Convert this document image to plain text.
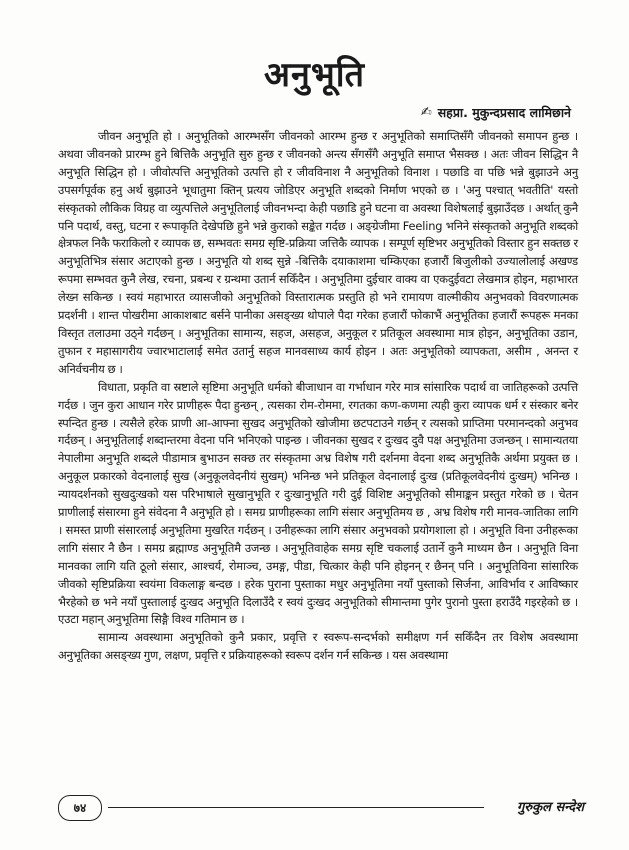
अनुभूति
✍ सहप्रा. मुकुन्दप्रसाद लामिछाने

जीवन अनुभूति हो । अनुभूतिको आरम्भसँग जीवनको आरम्भ हुन्छ र अनुभूतिको समाप्तिसँगै जीवनको समापन हुन्छ । अथवा जीवनको प्रारम्भ हुने बित्तिकै अनुभूति सुरु हुन्छ र जीवनको अन्त्य सँगसँगै अनुभूति समाप्त भैसक्छ । अतः जीवन सिद्धिन नै अनुभूति सिद्धिन हो । जीवोत्पत्ति अनुभूतिको उत्पत्ति हो र जीवविनाश नै अनुभूतिको विनाश । पछाडि वा पछि भन्ने बुझाउने अनु उपसर्गपूर्वक हनु अर्थ बुझाउने भूधातुमा क्तिन् प्रत्यय जोडिएर अनुभूति शब्दको निर्माण भएको छ । 'अनु पश्चात् भवतीति' यस्तो संस्कृतको लौकिक विग्रह वा व्युत्पत्तिले अनुभूतिलाई जीवनभन्दा केही पछाडि हुने घटना वा अवस्था विशेषलाई बुझाउँदछ । अर्थात् कुनै पनि पदार्थ, वस्तु, घटना र रूपाकृति देखेपछि हुने भन्ने कुराको सङ्केत गर्दछ । अङ्ग्रेजीमा Feeling भनिने संस्कृतको अनुभूति शब्दको क्षेत्रफल निकै फराकिलो र व्यापक छ, सम्भवतः समग्र सृष्टि-प्रक्रिया जत्तिकै व्यापक । सम्पूर्ण सृष्टिभर अनुभूतिको विस्तार हुन सक्तछ र अनुभूतिभित्र संसार अटाएको हुन्छ । अनुभूति यो शब्द सुन्ने -बित्तिकै दयाकाशमा चम्किएका हजारौं बिजुलीको उज्यालोलाई अखण्ड रूपमा सम्भवत कुनै लेख, रचना, प्रबन्ध र ग्रन्थमा उतार्न सकिँदैन । अनुभूतिमा दुईचार वाक्य वा एकदुईवटा लेखमात्र होइन, महाभारत लेख्न सकिन्छ । स्वयं महाभारत व्यासजीको अनुभूतिको विस्तारात्मक प्रस्तुति हो भने रामायण वाल्मीकीय अनुभवको विवरणात्मक प्रदर्शनी । शान्त पोखरीमा आकाशबाट बर्सने पानीका असङ्ख्य थोपाले पैदा गरेका हजारौं फोकाभैं अनुभूतिका हजारौं रूपहरू मनका विस्तृत तलाउमा उठ्ने गर्दछन् । अनुभूतिका सामान्य, सहज, असहज, अनुकूल र प्रतिकूल अवस्थामा मात्र होइन, अनुभूतिका उडान, तुफान र महासागरीय ज्वारभाटालाई समेत उतार्नु सहज मानवसाध्य कार्य होइन । अतः अनुभूतिको व्यापकता, असीम , अनन्त र अनिर्वचनीय छ ।

विधाता, प्रकृति वा स्रष्टाले सृष्टिमा अनुभूति धर्मको बीजाधान वा गर्भाधान गरेर मात्र सांसारिक पदार्थ वा जातिहरूको उत्पत्ति गर्दछ । जुन कुरा आधान गरेर प्राणीहरू पैदा हुन्छन् , त्यसका रोम-रोममा, रगतका कण-कणमा त्यही कुरा व्यापक धर्म र संस्कार बनेर स्पन्दित हुन्छ । त्यसैले हरेक प्राणी आ-आफ्ना सुखद अनुभूतिको खोजीमा छटपटाउने गर्छन् र त्यसको प्राप्तिमा परमानन्दको अनुभव गर्दछन् । अनुभूतिलाई शब्दान्तरमा वेदना पनि भनिएको पाइन्छ । जीवनका सुखद र दुःखद दुवै पक्ष अनुभूतिमा उजन्छन् । सामान्यतया नेपालीमा अनुभूति शब्दले पीडामात्र बुभाउन सक्छ तर संस्कृतमा अभ्र विशेष गरी दर्शनमा वेदना शब्द अनुभूतिकै अर्थमा प्रयुक्त छ । अनुकूल प्रकारको वेदनालाई सुख (अनुकूलवेदनीयं सुखम्) भनिन्छ भने प्रतिकूल वेदनालाई दुःख (प्रतिकूलवेदनीयं दुःखम्) भनिन्छ । न्यायदर्शनको सुखदुःखको यस परिभाषाले सुखानुभूति र दुःखानुभूति गरी दुई विशिष्ट अनुभूतिको सीमाङ्कन प्रस्तुत गरेको छ । चेतन प्राणीलाई संसारमा हुने संवेदना नै अनुभूति हो । समग्र प्राणीहरूका लागि संसार अनुभूतिमय छ , अभ्र विशेष गरी मानव-जातिका लागि । समस्त प्राणी संसारलाई अनुभूतिमा मुखरित गर्दछन् । उनीहरूका लागि संसार अनुभवको प्रयोगशाला हो । अनुभूति विना उनीहरूका लागि संसार नै छैन । समग्र ब्रह्माण्ड अनुभूतिमै उजन्छ । अनुभूतिवाहेक समग्र सृष्टि चकलाई उतार्ने कुनै माध्यम छैन । अनुभूति विना मानवका लागि यति ठूलो संसार, आश्चर्य, रोमाञ्च, उमङ्ग, पीडा, चित्कार केही पनि होइनन् र छैनन् पनि । अनुभूतिविना सांसारिक जीवको सृष्टिप्रक्रिया स्वयंमा विकलाङ्ग बन्दछ । हरेक पुराना पुस्ताका मधुर अनुभूतिमा नयाँ पुस्ताको सिर्जना, आविर्भाव र आविष्कार भैरहेको छ भने नयाँ पुस्तालाई दुःखद अनुभूति दिलाउँदै र स्वयं दुःखद अनुभूतिको सीमान्तमा पुगेर पुरानो पुस्ता हराउँदै गइरहेको छ । एउटा महान् अनुभूतिमा सिङ्गै विश्व गतिमान छ ।

सामान्य अवस्थामा अनुभूतिको कुनै प्रकार, प्रवृत्ति र स्वरूप-सन्दर्भको समीक्षण गर्न सकिँदैन तर विशेष अवस्थामा अनुभूतिका असङ्ख्य गुण, लक्षण, प्रवृत्ति र प्रक्रियाहरूको स्वरूप दर्शन गर्न सकिन्छ । यस अवस्थामा

७४	गुरुकुल सन्देश
